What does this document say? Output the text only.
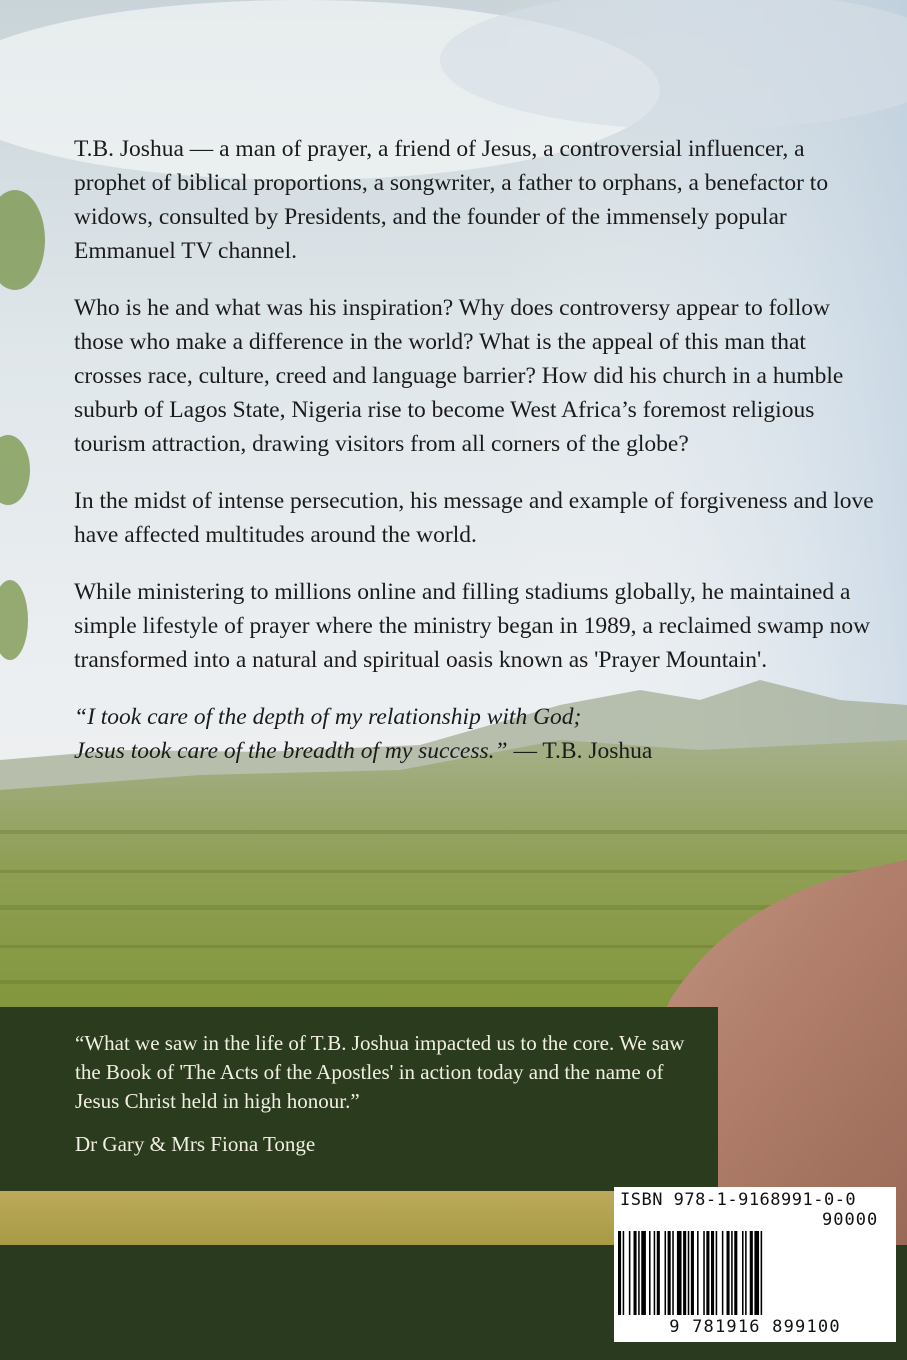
T.B. Joshua — a man of prayer, a friend of Jesus, a controversial influencer, a prophet of biblical proportions, a songwriter, a father to orphans, a benefactor to widows, consulted by Presidents, and the founder of the immensely popular Emmanuel TV channel.

Who is he and what was his inspiration? Why does controversy appear to follow those who make a difference in the world? What is the appeal of this man that crosses race, culture, creed and language barrier? How did his church in a humble suburb of Lagos State, Nigeria rise to become West Africa’s foremost religious tourism attraction, drawing visitors from all corners of the globe?

In the midst of intense persecution, his message and example of forgiveness and love have affected multitudes around the world.

While ministering to millions online and filling stadiums globally, he maintained a simple lifestyle of prayer where the ministry began in 1989, a reclaimed swamp now transformed into a natural and spiritual oasis known as 'Prayer Mountain'.

“I took care of the depth of my relationship with God;
Jesus took care of the breadth of my success.” — T.B. Joshua

“What we saw in the life of T.B. Joshua impacted us to the core. We saw the Book of 'The Acts of the Apostles' in action today and the name of Jesus Christ held in high honour.”

Dr Gary & Mrs Fiona Tonge

ISBN 978-1-9168991-0-0
90000
9 781916 899100
